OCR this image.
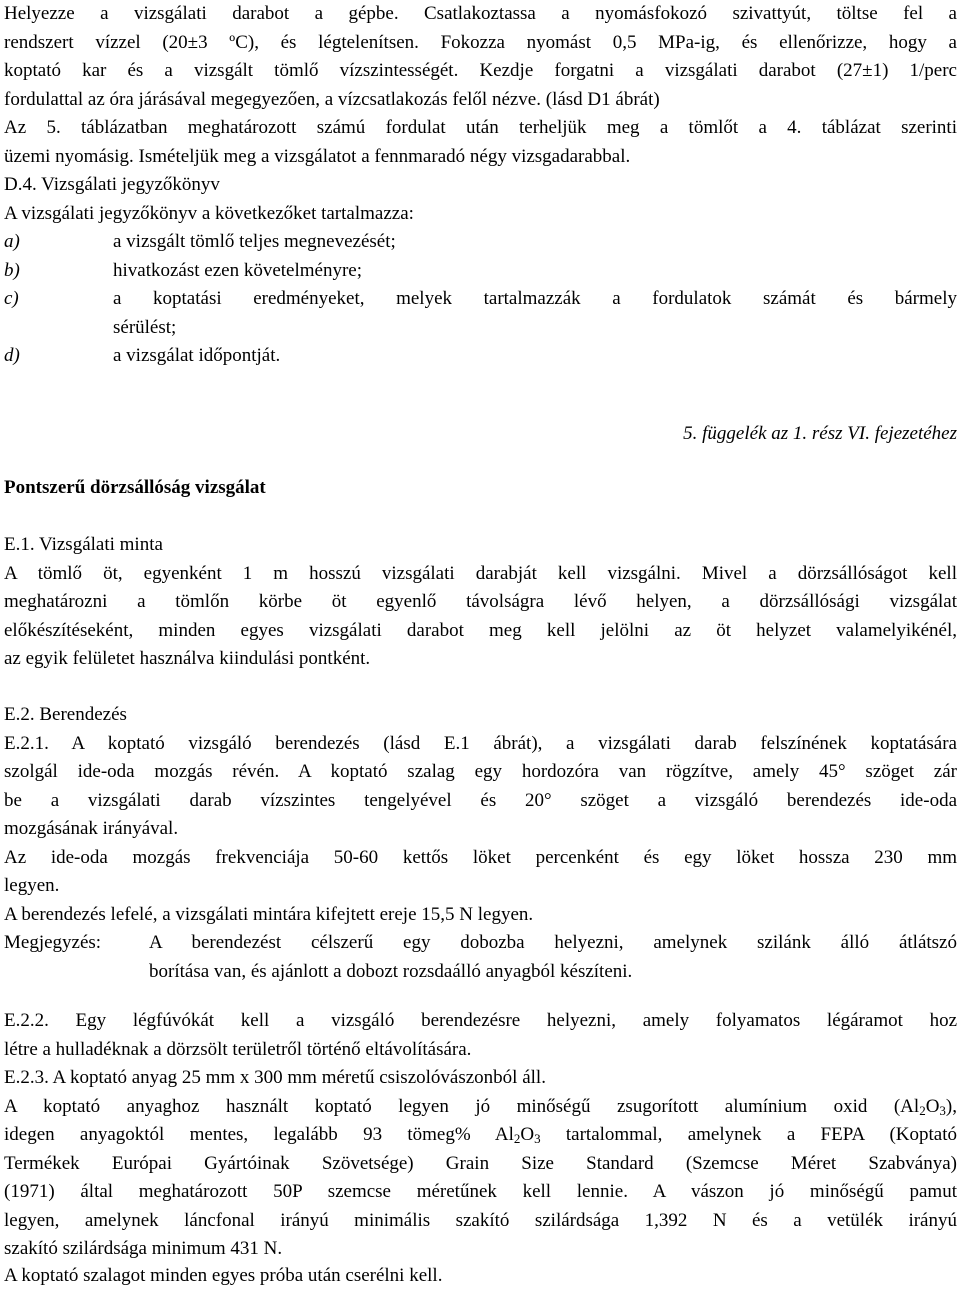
Helyezze a vizsgálati darabot a gépbe. Csatlakoztassa a nyomásfokozó szivattyút, töltse fel a
rendszert vízzel (20±3 ºC), és légtelenítsen. Fokozza nyomást 0,5 MPa-ig, és ellenőrizze, hogy a
koptató kar és a vizsgált tömlő vízszintességét. Kezdje forgatni a vizsgálati darabot (27±1) 1/perc
fordulattal az óra járásával megegyezően, a vízcsatlakozás felől nézve. (lásd D1 ábrát)
Az 5. táblázatban meghatározott számú fordulat után terheljük meg a tömlőt a 4. táblázat szerinti
üzemi nyomásig. Ismételjük meg a vizsgálatot a fennmaradó négy vizsgadarabbal.
D.4. Vizsgálati jegyzőkönyv
A vizsgálati jegyzőkönyv a következőket tartalmazza:
a)	a vizsgált tömlő teljes megnevezését;
b)	hivatkozást ezen követelményre;
c)	a koptatási eredményeket, melyek tartalmazzák a fordulatok számát és bármely
sérülést;
d)	a vizsgálat időpontját.
5. függelék az 1. rész VI. fejezetéhez
Pontszerű dörzsállóság vizsgálat
E.1. Vizsgálati minta
A tömlő öt, egyenként 1 m hosszú vizsgálati darabját kell vizsgálni. Mivel a dörzsállóságot kell
meghatározni a tömlőn körbe öt egyenlő távolságra lévő helyen, a dörzsállósági vizsgálat
előkészítéseként, minden egyes vizsgálati darabot meg kell jelölni az öt helyzet valamelyikénél,
az egyik felületet használva kiindulási pontként.
E.2. Berendezés
E.2.1. A koptató vizsgáló berendezés (lásd E.1 ábrát), a vizsgálati darab felszínének koptatására
szolgál ide-oda mozgás révén. A koptató szalag egy hordozóra van rögzítve, amely 45° szöget zár
be a vizsgálati darab vízszintes tengelyével és 20° szöget a vizsgáló berendezés ide-oda
mozgásának irányával.
Az ide-oda mozgás frekvenciája 50-60 kettős löket percenként és egy löket hossza 230 mm
legyen.
A berendezés lefelé, a vizsgálati mintára kifejtett ereje 15,5 N legyen.
Megjegyzés:	A berendezést célszerű egy dobozba helyezni, amelynek szilánk álló átlátszó
borítása van, és ajánlott a dobozt rozsdaálló anyagból készíteni.
E.2.2. Egy légfúvókát kell a vizsgáló berendezésre helyezni, amely folyamatos légáramot hoz
létre a hulladéknak a dörzsölt területről történő eltávolítására.
E.2.3. A koptató anyag 25 mm x 300 mm méretű csiszolóvászonból áll.
A koptató anyaghoz használt koptató legyen jó minőségű zsugorított alumínium oxid $(Al_2O_3)$,
idegen anyagoktól mentes, legalább 93 tömeg% $Al_2O_3$ tartalommal, amelynek a FEPA (Koptató
Termékek Európai Gyártóinak Szövetsége) Grain Size Standard (Szemcse Méret Szabványa)
(1971) által meghatározott 50P szemcse méretűnek kell lennie. A vászon jó minőségű pamut
legyen, amelynek láncfonal irányú minimális szakító szilárdsága 1,392 N és a vetülék irányú
szakító szilárdsága minimum 431 N.
A koptató szalagot minden egyes próba után cserélni kell.
